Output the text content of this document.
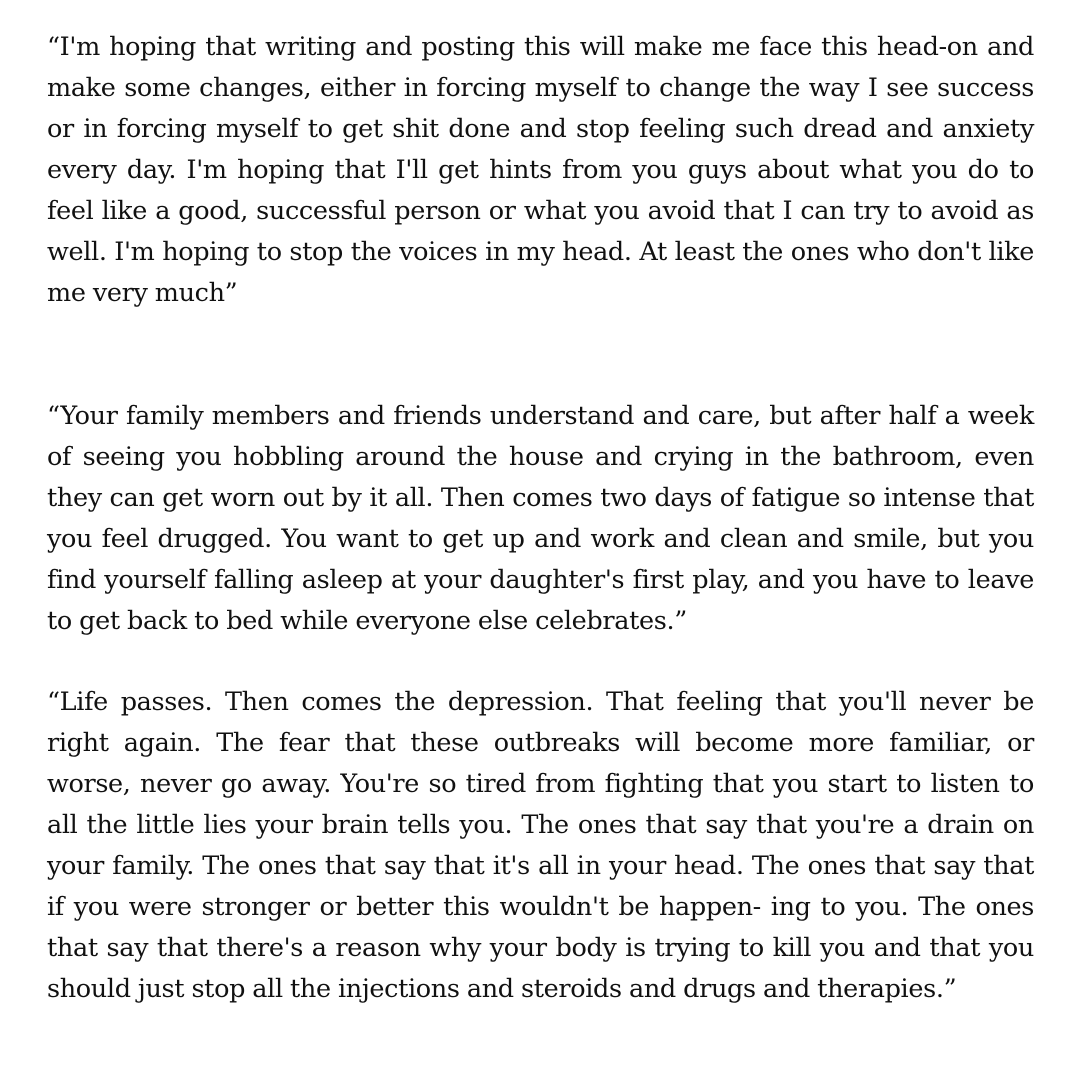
“I'm hoping that writing and posting this will make me face this head-on and make some changes, either in forcing myself to change the way I see success or in forcing myself to get shit done and stop feeling such dread and anxiety every day. I'm hoping that I'll get hints from you guys about what you do to feel like a good, successful person or what you avoid that I can try to avoid as well. I'm hoping to stop the voices in my head. At least the ones who don't like me very much”

“Your family members and friends understand and care, but after half a week of seeing you hobbling around the house and crying in the bathroom, even they can get worn out by it all. Then comes two days of fatigue so intense that you feel drugged. You want to get up and work and clean and smile, but you find yourself falling asleep at your daughter's first play, and you have to leave to get back to bed while everyone else celebrates.”

“Life passes. Then comes the depression. That feeling that you'll never be right again. The fear that these outbreaks will become more familiar, or worse, never go away. You're so tired from fighting that you start to listen to all the little lies your brain tells you. The ones that say that you're a drain on your family. The ones that say that it's all in your head. The ones that say that if you were stronger or better this wouldn't be happen- ing to you. The ones that say that there's a reason why your body is trying to kill you and that you should just stop all the injections and steroids and drugs and therapies.”
